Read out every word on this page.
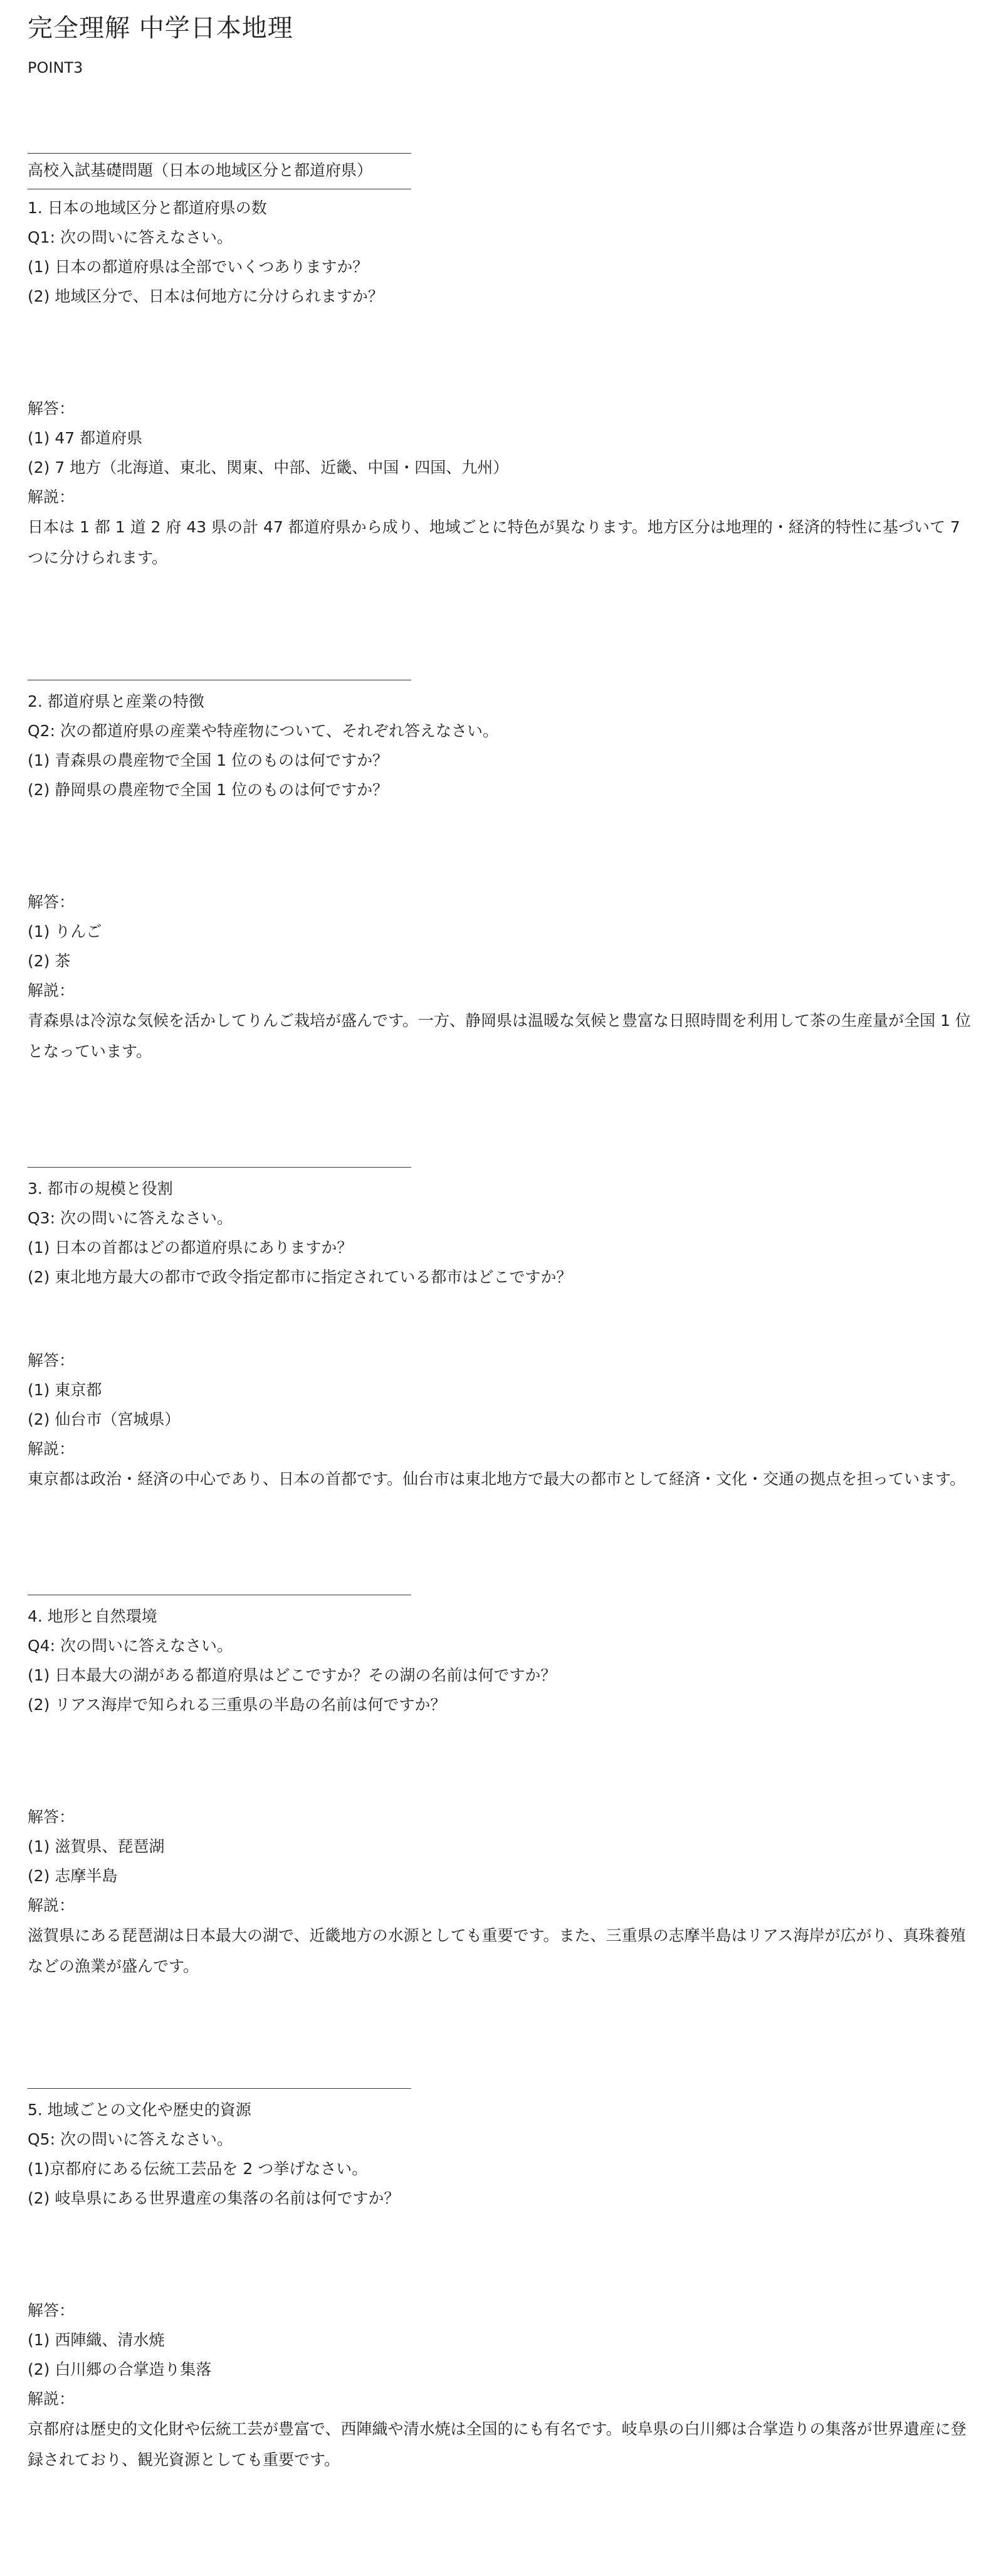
完全理解 中学日本地理

POINT3

高校入試基礎問題（日本の地域区分と都道府県）

1. 日本の地域区分と都道府県の数
Q1: 次の問いに答えなさい。
(1) 日本の都道府県は全部でいくつありますか？
(2) 地域区分で、日本は何地方に分けられますか？
解答：
(1) 47 都道府県
(2) 7 地方（北海道、東北、関東、中部、近畿、中国・四国、九州）
解説：
日本は 1 都 1 道 2 府 43 県の計 47 都道府県から成り、地域ごとに特色が異なります。地方区分は地理的・経済的特性に基づいて 7 つに分けられます。
2. 都道府県と産業の特徴
Q2: 次の都道府県の産業や特産物について、それぞれ答えなさい。
(1) 青森県の農産物で全国 1 位のものは何ですか？
(2) 静岡県の農産物で全国 1 位のものは何ですか？
解答：
(1) りんご
(2) 茶
解説：
青森県は冷涼な気候を活かしてりんご栽培が盛んです。一方、静岡県は温暖な気候と豊富な日照時間を利用して茶の生産量が全国 1 位となっています。
3. 都市の規模と役割
Q3: 次の問いに答えなさい。
(1) 日本の首都はどの都道府県にありますか？
(2) 東北地方最大の都市で政令指定都市に指定されている都市はどこですか？
解答：
(1) 東京都
(2) 仙台市（宮城県）
解説：
東京都は政治・経済の中心であり、日本の首都です。仙台市は東北地方で最大の都市として経済・文化・交通の拠点を担っています。
4. 地形と自然環境
Q4: 次の問いに答えなさい。
(1) 日本最大の湖がある都道府県はどこですか？その湖の名前は何ですか？
(2) リアス海岸で知られる三重県の半島の名前は何ですか？
解答：
(1) 滋賀県、琵琶湖
(2) 志摩半島
解説：
滋賀県にある琵琶湖は日本最大の湖で、近畿地方の水源としても重要です。また、三重県の志摩半島はリアス海岸が広がり、真珠養殖などの漁業が盛んです。
5. 地域ごとの文化や歴史的資源
Q5: 次の問いに答えなさい。
(1)京都府にある伝統工芸品を 2 つ挙げなさい。
(2) 岐阜県にある世界遺産の集落の名前は何ですか？
解答：
(1) 西陣織、清水焼
(2) 白川郷の合掌造り集落
解説：
京都府は歴史的文化財や伝統工芸が豊富で、西陣織や清水焼は全国的にも有名です。岐阜県の白川郷は合掌造りの集落が世界遺産に登録されており、観光資源としても重要です。
